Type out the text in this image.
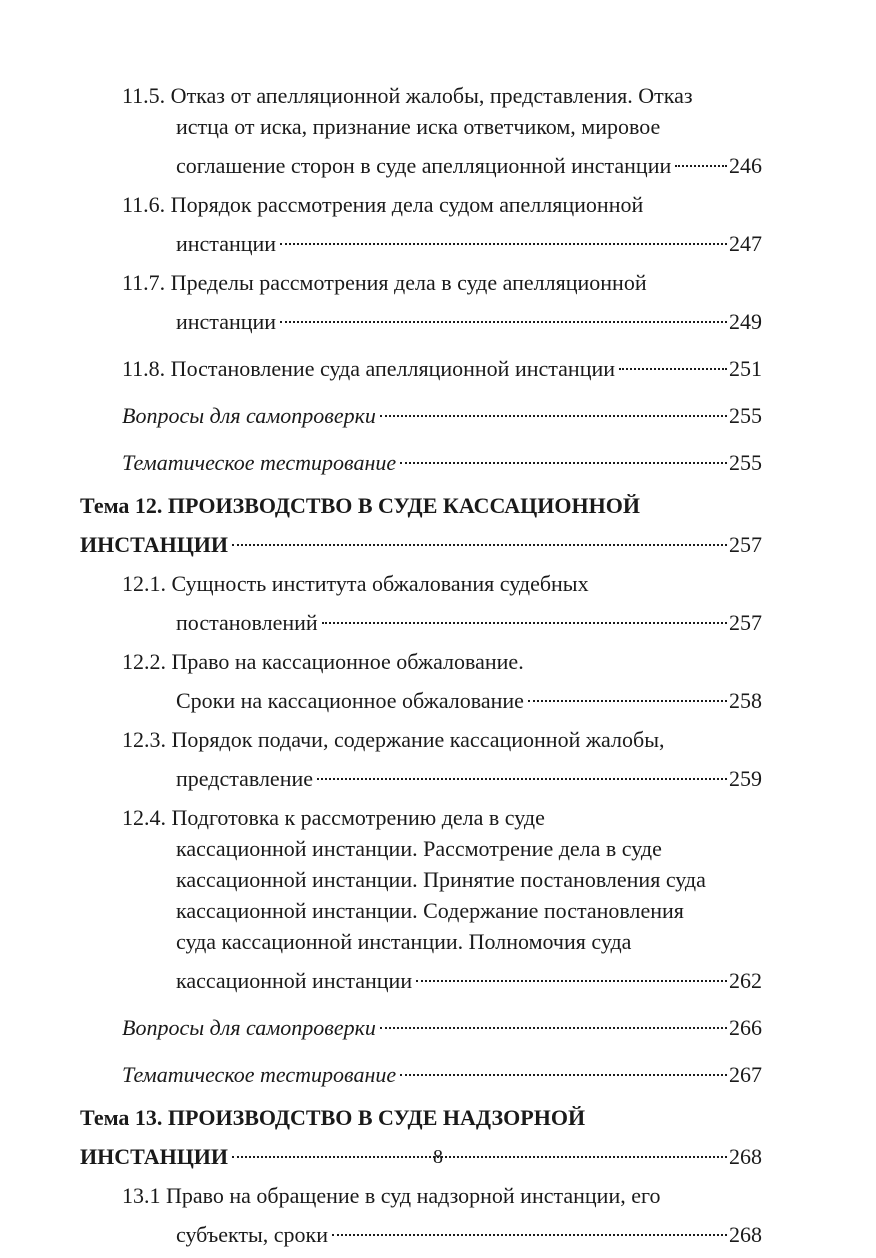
11.5. Отказ от апелляционной жалобы, представления. Отказ
истца от иска, признание иска ответчиком, мировое
соглашение сторон в суде апелляционной инстанции	246
11.6. Порядок рассмотрения дела судом апелляционной
инстанции	247
11.7. Пределы рассмотрения дела в суде апелляционной
инстанции	249
11.8. Постановление суда апелляционной инстанции	251
Вопросы для самопроверки	255
Тематическое тестирование	255
Тема 12. ПРОИЗВОДСТВО В СУДЕ КАССАЦИОННОЙ
ИНСТАНЦИИ	257
12.1. Сущность института обжалования судебных
постановлений	257
12.2. Право на кассационное обжалование.
Сроки на кассационное обжалование	258
12.3. Порядок подачи, содержание кассационной жалобы,
представление	259
12.4. Подготовка к рассмотрению дела в суде
кассационной инстанции. Рассмотрение дела в суде
кассационной инстанции. Принятие постановления суда
кассационной инстанции. Содержание постановления
суда кассационной инстанции. Полномочия суда
кассационной инстанции	262
Вопросы для самопроверки	266
Тематическое тестирование	267
Тема 13. ПРОИЗВОДСТВО В СУДЕ НАДЗОРНОЙ
ИНСТАНЦИИ	268
13.1 Право на обращение в суд надзорной инстанции, его
субъекты, сроки	268
8
